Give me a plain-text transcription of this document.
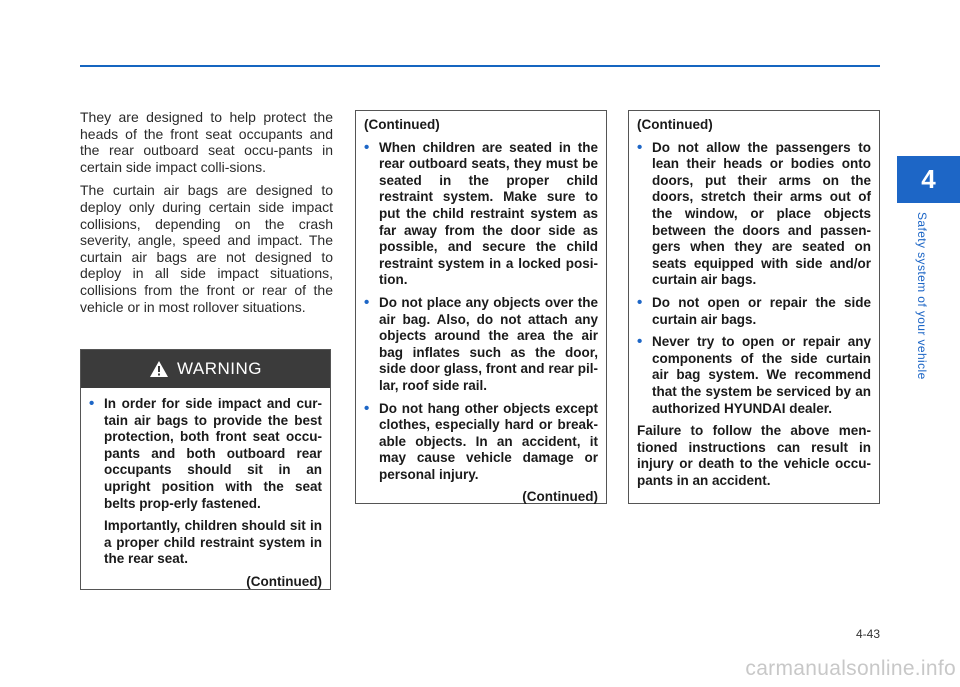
4
Safety system of your vehicle

They are designed to help protect the heads of the front seat occupants and the rear outboard seat occu-pants in certain side impact colli-sions.

The curtain air bags are designed to deploy only during certain side impact collisions, depending on the crash severity, angle, speed and impact. The curtain air bags are not designed to deploy in all side impact situations, collisions from the front or rear of the vehicle or in most rollover situations.

WARNING
• In order for side impact and cur-tain air bags to provide the best protection, both front seat occu-pants and both outboard rear occupants should sit in an upright position with the seat belts prop-erly fastened.
Importantly, children should sit in a proper child restraint system in the rear seat.
(Continued)
(Continued)
• When children are seated in the rear outboard seats, they must be seated in the proper child restraint system. Make sure to put the child restraint system as far away from the door side as possible, and secure the child restraint system in a locked posi-tion.
• Do not place any objects over the air bag. Also, do not attach any objects around the area the air bag inflates such as the door, side door glass, front and rear pil-lar, roof side rail.
• Do not hang other objects except clothes, especially hard or break-able objects. In an accident, it may cause vehicle damage or personal injury.
(Continued)
(Continued)
• Do not allow the passengers to lean their heads or bodies onto doors, put their arms on the doors, stretch their arms out of the window, or place objects between the doors and passen-gers when they are seated on seats equipped with side and/or curtain air bags.
• Do not open or repair the side curtain air bags.
• Never try to open or repair any components of the side curtain air bag system. We recommend that the system be serviced by an authorized HYUNDAI dealer.
Failure to follow the above men-tioned instructions can result in injury or death to the vehicle occu-pants in an accident.
4-43
carmanualsonline.info
